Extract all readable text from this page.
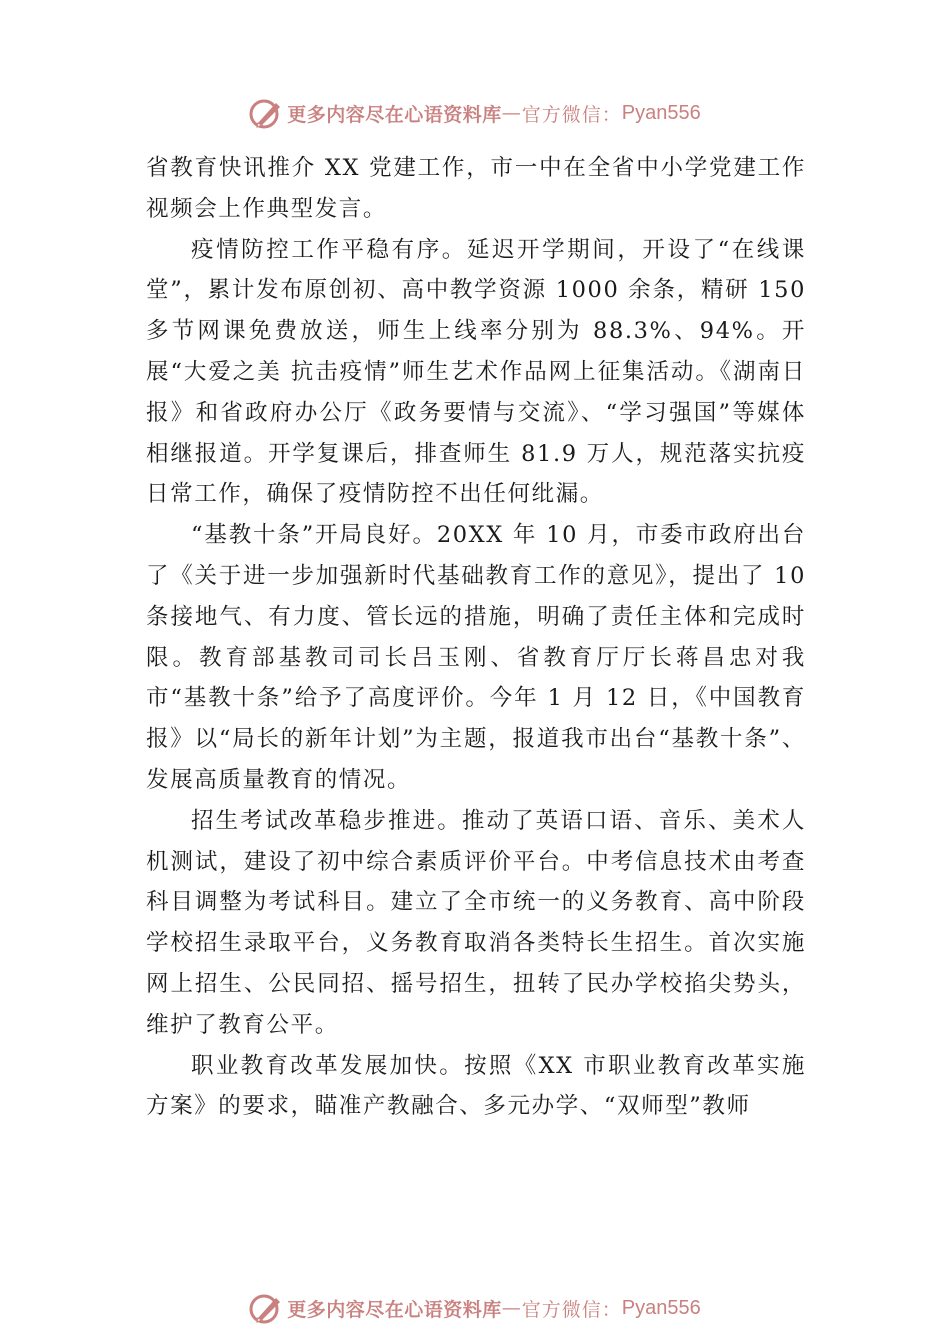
更多内容尽在心语资料库 — 官方微信： Pyan556

省教育快讯推介 XX 党建工作，市一中在全省中小学党建工作视频会上作典型发言。

疫情防控工作平稳有序。延迟开学期间，开设了“在线课堂”，累计发布原创初、高中教学资源 1000 余条，精研 150 多节网课免费放送，师生上线率分别为 88.3%、94%。开展“大爱之美 抗击疫情”师生艺术作品网上征集活动。《湖南日报》和省政府办公厅《政务要情与交流》、“学习强国”等媒体相继报道。开学复课后，排查师生 81.9 万人，规范落实抗疫日常工作，确保了疫情防控不出任何纰漏。

“基教十条”开局良好。20XX 年 10 月，市委市政府出台了《关于进一步加强新时代基础教育工作的意见》，提出了 10 条接地气、有力度、管长远的措施，明确了责任主体和完成时限。教育部基教司司长吕玉刚、省教育厅厅长蒋昌忠对我市“基教十条”给予了高度评价。今年 1 月 12 日，《中国教育报》以“局长的新年计划”为主题，报道我市出台“基教十条”、发展高质量教育的情况。

招生考试改革稳步推进。推动了英语口语、音乐、美术人机测试，建设了初中综合素质评价平台。中考信息技术由考查科目调整为考试科目。建立了全市统一的义务教育、高中阶段学校招生录取平台，义务教育取消各类特长生招生。首次实施网上招生、公民同招、摇号招生，扭转了民办学校掐尖势头，维护了教育公平。

职业教育改革发展加快。按照《XX 市职业教育改革实施方案》的要求，瞄准产教融合、多元办学、“双师型”教师

更多内容尽在心语资料库 — 官方微信： Pyan556
